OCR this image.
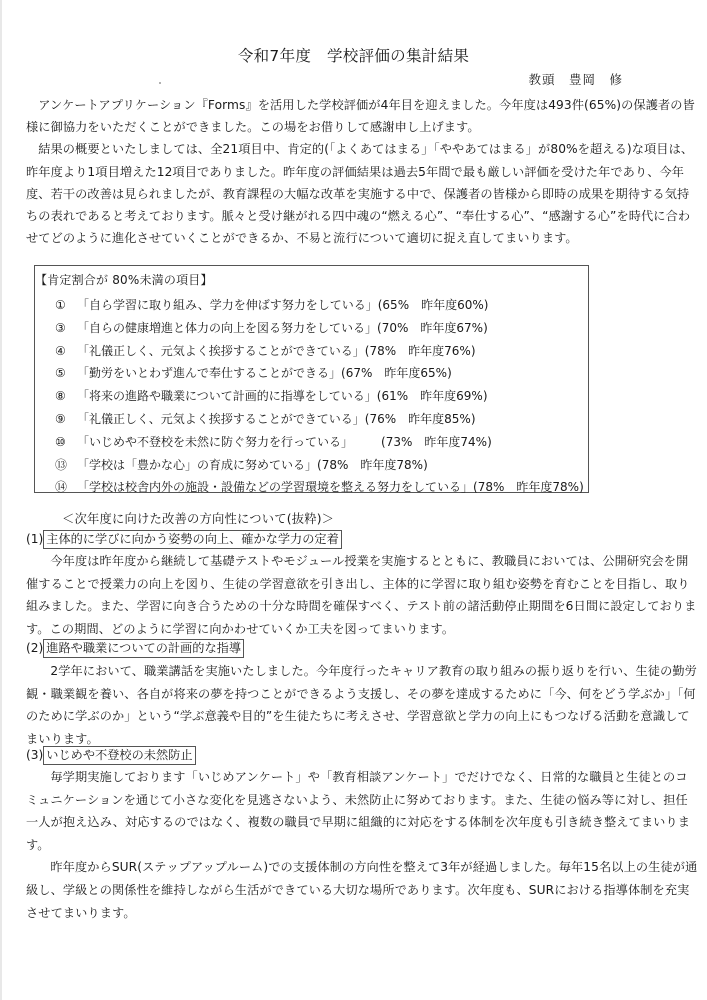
令和7年度　学校評価の集計結果
教頭　豊岡　修

アンケートアプリケーション『Forms』を活用した学校評価が4年目を迎えました。今年度は493件(65%)の保護者の皆様に御協力をいただくことができました。この場をお借りして感謝申し上げます。

結果の概要といたしましては、全21項目中、肯定的(「よくあてはまる」「ややあてはまる」が80%を超える)な項目は、昨年度より1項目増えた12項目でありました。昨年度の評価結果は過去5年間で最も厳しい評価を受けた年であり、今年度、若干の改善は見られましたが、教育課程の大幅な改革を実施する中で、保護者の皆様から即時の成果を期待する気持ちの表れであると考えております。脈々と受け継がれる四中魂の“燃える心”、“奉仕する心”、“感謝する心”を時代に合わせてどのように進化させていくことができるか、不易と流行について適切に捉え直してまいります。

【肯定割合が 80%未満の項目】
① 「自ら学習に取り組み、学力を伸ばす努力をしている」(65%  昨年度60%)
③ 「自らの健康増進と体力の向上を図る努力をしている」(70%  昨年度67%)
④ 「礼儀正しく、元気よく挨拶することができている」(78%  昨年度76%)
⑤ 「勤労をいとわず進んで奉仕することができる」(67%  昨年度65%)
⑧ 「将来の進路や職業について計画的に指導をしている」(61%  昨年度69%)
⑨ 「礼儀正しく、元気よく挨拶することができている」(76%  昨年度85%)
⑩ 「いじめや不登校を未然に防ぐ努力を行っている」 (73%  昨年度74%)
⑬ 「学校は「豊かな心」の育成に努めている」(78%  昨年度78%)
⑭ 「学校は校舎内外の施設・設備などの学習環境を整える努力をしている」(78%  昨年度78%)
＜次年度に向けた改善の方向性について(抜粋)＞
(1) 主体的に学びに向かう姿勢の向上、確かな学力の定着

今年度は昨年度から継続して基礎テストやモジュール授業を実施するとともに、教職員においては、公開研究会を開催することで授業力の向上を図り、生徒の学習意欲を引き出し、主体的に学習に取り組む姿勢を育むことを目指し、取り組みました。また、学習に向き合うための十分な時間を確保すべく、テスト前の諸活動停止期間を6日間に設定しております。この期間、どのように学習に向かわせていくか工夫を図ってまいります。

(2) 進路や職業についての計画的な指導

2学年において、職業講話を実施いたしました。今年度行ったキャリア教育の取り組みの振り返りを行い、生徒の勤労観・職業観を養い、各自が将来の夢を持つことができるよう支援し、その夢を達成するために「今、何をどう学ぶか」「何のために学ぶのか」という“学ぶ意義や目的”を生徒たちに考えさせ、学習意欲と学力の向上にもつなげる活動を意識してまいります。

(3) いじめや不登校の未然防止

毎学期実施しております「いじめアンケート」や「教育相談アンケート」でだけでなく、日常的な職員と生徒とのコミュニケーションを通じて小さな変化を見逃さないよう、未然防止に努めております。また、生徒の悩み等に対し、担任一人が抱え込み、対応するのではなく、複数の職員で早期に組織的に対応をする体制を次年度も引き続き整えてまいります。

昨年度からSUR(ステップアップルーム)での支援体制の方向性を整えて3年が経過しました。毎年15名以上の生徒が通級し、学級との関係性を維持しながら生活ができている大切な場所であります。次年度も、SURにおける指導体制を充実させてまいります。
